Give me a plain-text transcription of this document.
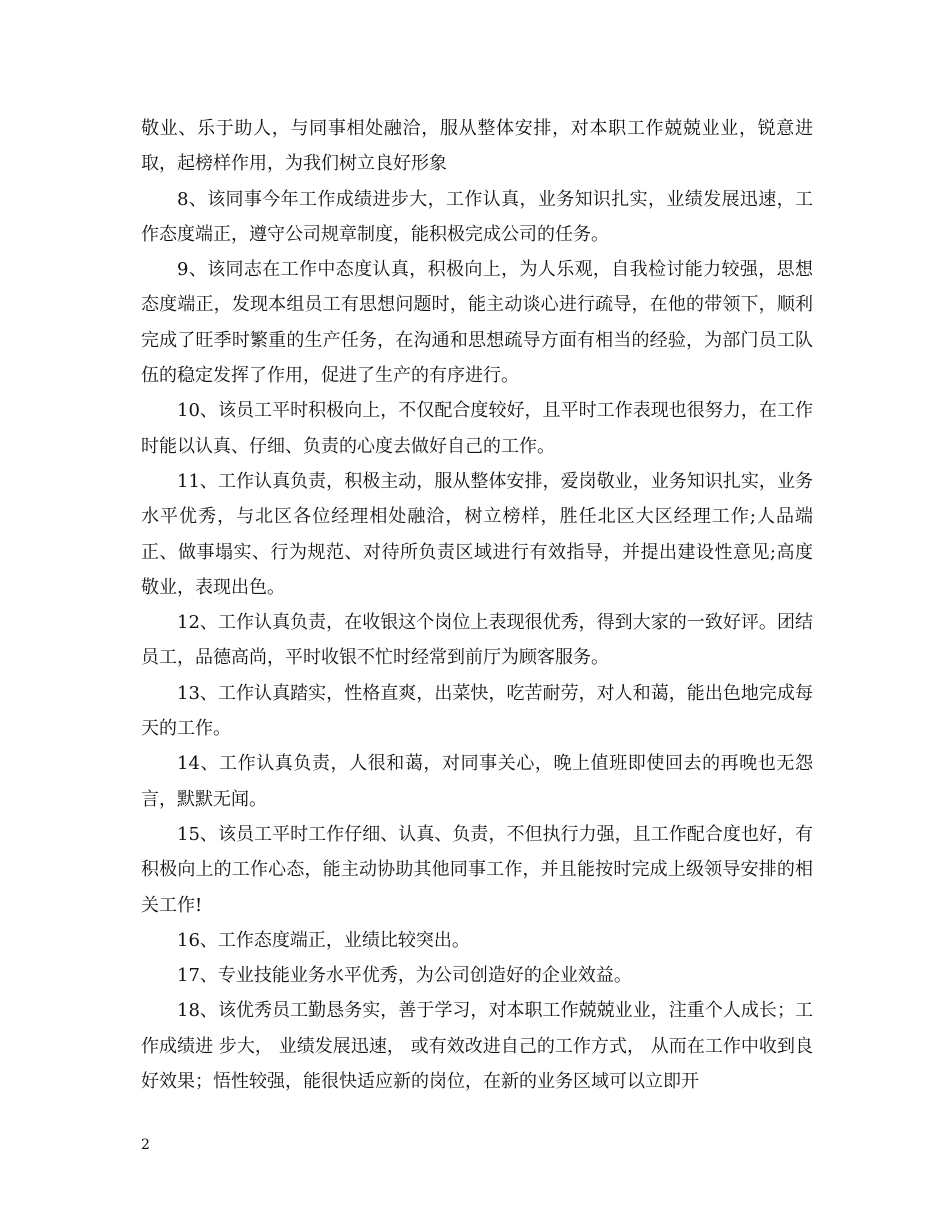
敬业、乐于助人，与同事相处融洽，服从整体安排，对本职工作兢兢业业，锐意进取，起榜样作用，为我们树立良好形象

8、该同事今年工作成绩进步大，工作认真，业务知识扎实，业绩发展迅速，工作态度端正，遵守公司规章制度，能积极完成公司的任务。

9、该同志在工作中态度认真，积极向上，为人乐观，自我检讨能力较强，思想态度端正，发现本组员工有思想问题时，能主动谈心进行疏导，在他的带领下，顺利完成了旺季时繁重的生产任务，在沟通和思想疏导方面有相当的经验，为部门员工队伍的稳定发挥了作用，促进了生产的有序进行。

10、该员工平时积极向上，不仅配合度较好，且平时工作表现也很努力，在工作时能以认真、仔细、负责的心度去做好自己的工作。

11、工作认真负责，积极主动，服从整体安排，爱岗敬业，业务知识扎实，业务水平优秀，与北区各位经理相处融洽，树立榜样，胜任北区大区经理工作;人品端正、做事塌实、行为规范、对待所负责区域进行有效指导，并提出建设性意见;高度敬业，表现出色。

12、工作认真负责，在收银这个岗位上表现很优秀，得到大家的一致好评。团结员工，品德高尚，平时收银不忙时经常到前厅为顾客服务。

13、工作认真踏实，性格直爽，出菜快，吃苦耐劳，对人和蔼，能出色地完成每天的工作。

14、工作认真负责，人很和蔼，对同事关心，晚上值班即使回去的再晚也无怨言，默默无闻。

15、该员工平时工作仔细、认真、负责，不但执行力强，且工作配合度也好，有积极向上的工作心态，能主动协助其他同事工作，并且能按时完成上级领导安排的相关工作!

16、工作态度端正，业绩比较突出。

17、专业技能业务水平优秀，为公司创造好的企业效益。

18、该优秀员工勤恳务实，善于学习，对本职工作兢兢业业，注重个人成长；工作成绩进 步大， 业绩发展迅速， 或有效改进自己的工作方式， 从而在工作中收到良好效果；悟性较强，能很快适应新的岗位，在新的业务区域可以立即开

2
